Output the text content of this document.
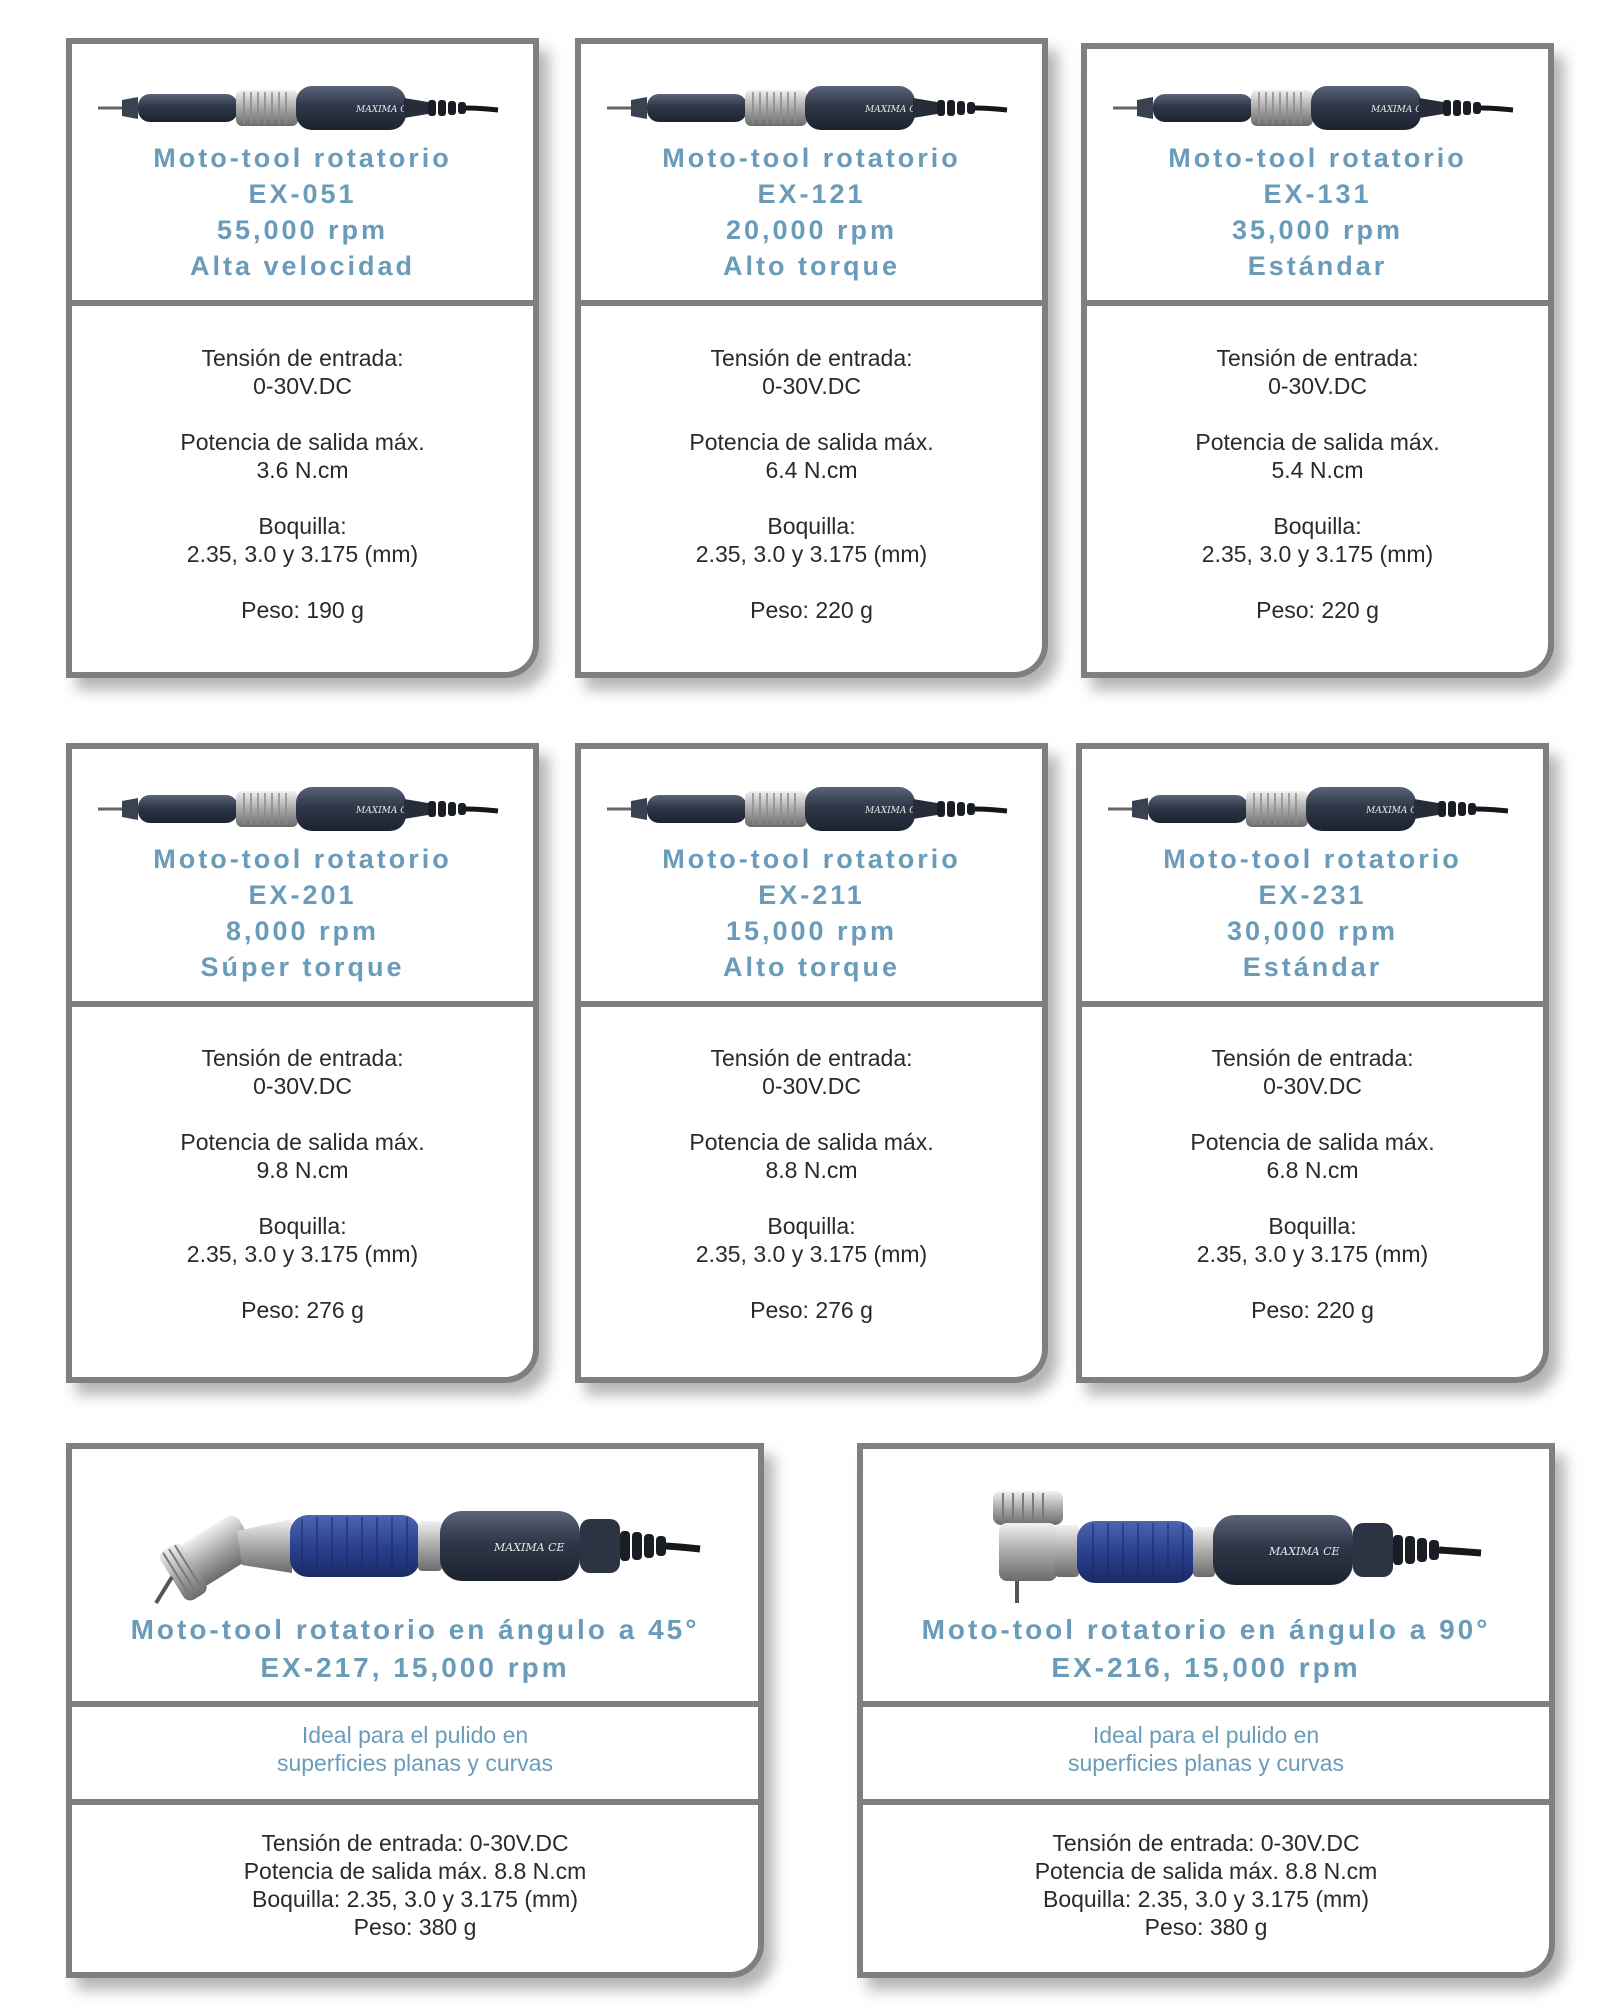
Moto-tool rotatorio
EX-051
55,000 rpm
Alta velocidad
Tensión de entrada:
0-30V.DC
Potencia de salida máx.
3.6 N.cm
Boquilla:
2.35, 3.0 y 3.175 (mm)
Peso: 190 g
Moto-tool rotatorio
EX-121
20,000 rpm
Alto torque
Tensión de entrada:
0-30V.DC
Potencia de salida máx.
6.4 N.cm
Boquilla:
2.35, 3.0 y 3.175 (mm)
Peso: 220 g
Moto-tool rotatorio
EX-131
35,000 rpm
Estándar
Tensión de entrada:
0-30V.DC
Potencia de salida máx.
5.4 N.cm
Boquilla:
2.35, 3.0 y 3.175 (mm)
Peso: 220 g
Moto-tool rotatorio
EX-201
8,000 rpm
Súper torque
Tensión de entrada:
0-30V.DC
Potencia de salida máx.
9.8 N.cm
Boquilla:
2.35, 3.0 y 3.175 (mm)
Peso: 276 g
Moto-tool rotatorio
EX-211
15,000 rpm
Alto torque
Tensión de entrada:
0-30V.DC
Potencia de salida máx.
8.8 N.cm
Boquilla:
2.35, 3.0 y 3.175 (mm)
Peso: 276 g
Moto-tool rotatorio
EX-231
30,000 rpm
Estándar
Tensión de entrada:
0-30V.DC
Potencia de salida máx.
6.8 N.cm
Boquilla:
2.35, 3.0 y 3.175 (mm)
Peso: 220 g
MAXIMA CE
Moto-tool rotatorio en ángulo a 45°
EX-217, 15,000 rpm
Ideal para el pulido en
superficies planas y curvas
Tensión de entrada: 0-30V.DC
Potencia de salida máx. 8.8 N.cm
Boquilla: 2.35, 3.0 y 3.175 (mm)
Peso: 380 g
MAXIMA CE
Moto-tool rotatorio en ángulo a 90°
EX-216, 15,000 rpm
Ideal para el pulido en
superficies planas y curvas
Tensión de entrada: 0-30V.DC
Potencia de salida máx. 8.8 N.cm
Boquilla: 2.35, 3.0 y 3.175 (mm)
Peso: 380 g
